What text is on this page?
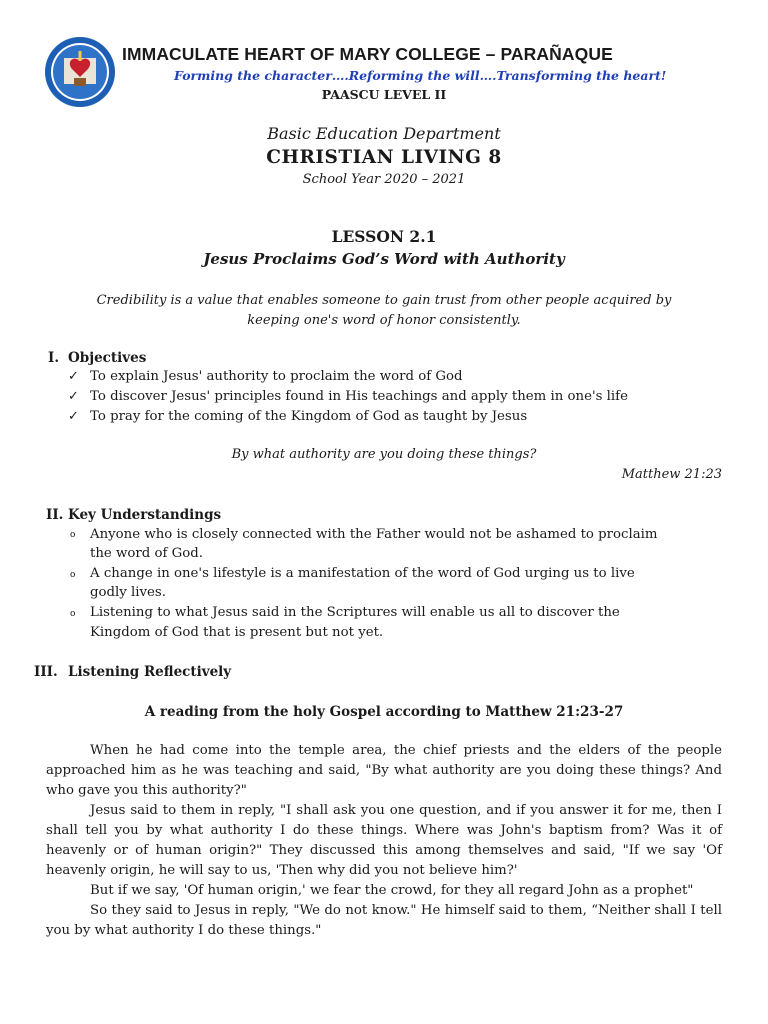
IMMACULATE HEART OF MARY COLLEGE – PARAÑAQUE
Forming the character….Reforming the will….Transforming the heart!
PAASCU LEVEL II
Basic Education Department
CHRISTIAN LIVING 8
School Year 2020 – 2021
LESSON 2.1
Jesus Proclaims God’s Word with Authority
Credibility is a value that enables someone to gain trust from other people acquired by
keeping one's word of honor consistently.
I. Objectives
✓ To explain Jesus' authority to proclaim the word of God
✓ To discover Jesus' principles found in His teachings and apply them in one's life
✓ To pray for the coming of the Kingdom of God as taught by Jesus
By what authority are you doing these things?
Matthew 21:23
II. Key Understandings
o Anyone who is closely connected with the Father would not be ashamed to proclaim
the word of God.
o A change in one's lifestyle is a manifestation of the word of God urging us to live
godly lives.
o Listening to what Jesus said in the Scriptures will enable us all to discover the
Kingdom of God that is present but not yet.
III. Listening Reflectively
A reading from the holy Gospel according to Matthew 21:23-27

When he had come into the temple area, the chief priests and the elders of the people approached him as he was teaching and said, "By what authority are you doing these things? And who gave you this authority?"

Jesus said to them in reply, "I shall ask you one question, and if you answer it for me, then I shall tell you by what authority I do these things. Where was John's baptism from? Was it of heavenly or of human origin?" They discussed this among themselves and said, "If we say 'Of heavenly origin, he will say to us, 'Then why did you not believe him?'

But if we say, 'Of human origin,' we fear the crowd, for they all regard John as a prophet"

So they said to Jesus in reply, "We do not know." He himself said to them, “Neither shall I tell you by what authority I do these things."
